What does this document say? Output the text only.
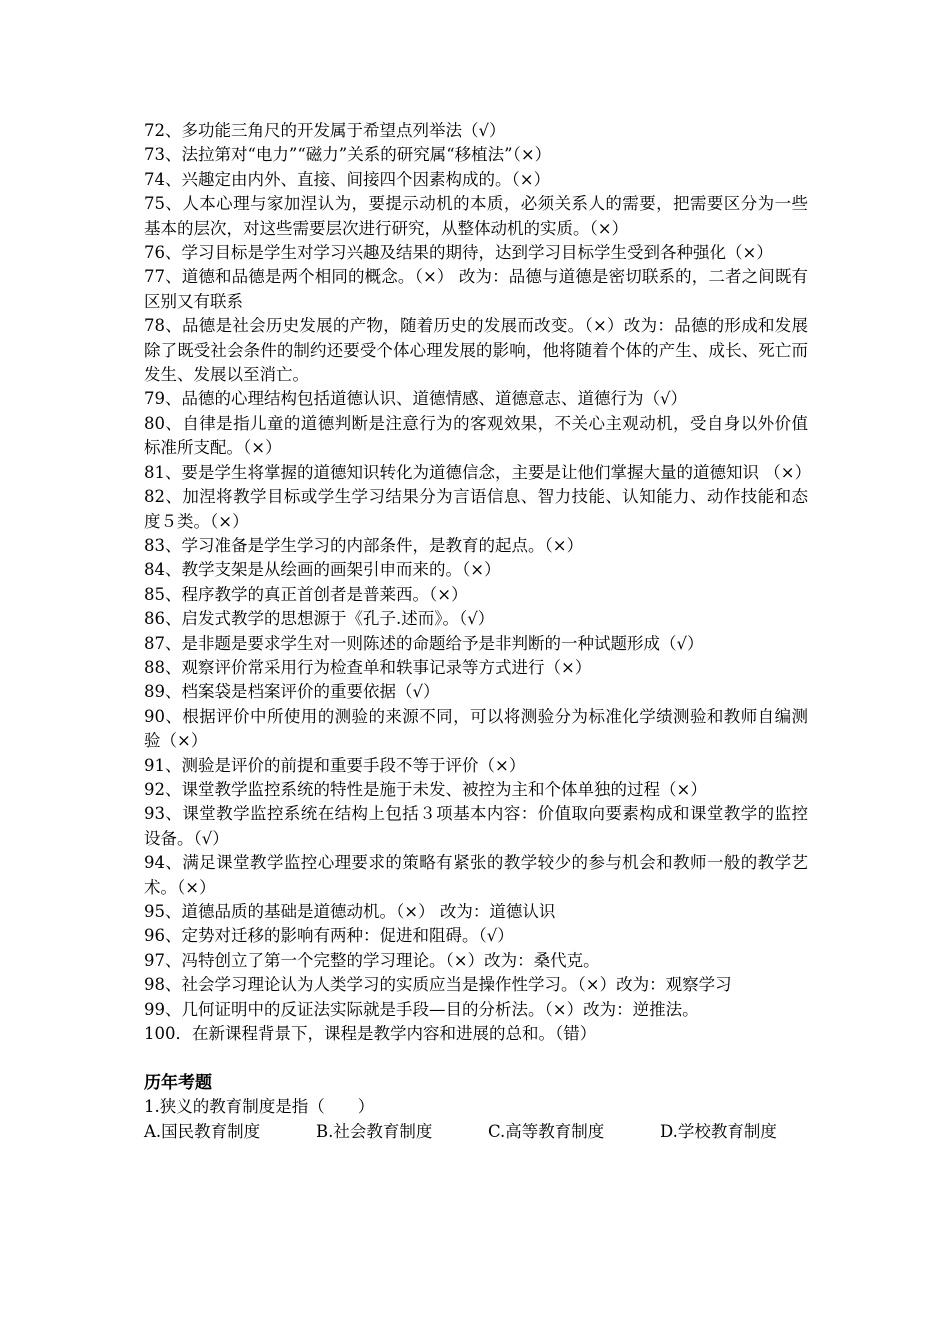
72、多功能三角尺的开发属于希望点列举法（√）

73、法拉第对“电力”“磁力”关系的研究属“移植法”（×）

74、兴趣定由内外、直接、间接四个因素构成的。（×）

75、人本心理与家加涅认为，要提示动机的本质，必须关系人的需要，把需要区分为一些基本的层次，对这些需要层次进行研究，从整体动机的实质。（×）

76、学习目标是学生对学习兴趣及结果的期待，达到学习目标学生受到各种强化（×）

77、道德和品德是两个相同的概念。（×） 改为：品德与道德是密切联系的，二者之间既有区别又有联系

78、品德是社会历史发展的产物，随着历史的发展而改变。（×）改为：品德的形成和发展除了既受社会条件的制约还要受个体心理发展的影响，他将随着个体的产生、成长、死亡而发生、发展以至消亡。

79、品德的心理结构包括道德认识、道德情感、道德意志、道德行为（√）

80、自律是指儿童的道德判断是注意行为的客观效果，不关心主观动机，受自身以外价值标准所支配。（×）

81、要是学生将掌握的道德知识转化为道德信念，主要是让他们掌握大量的道德知识 （×）

82、加涅将教学目标或学生学习结果分为言语信息、智力技能、认知能力、动作技能和态度５类。（×）

83、学习准备是学生学习的内部条件，是教育的起点。（×）

84、教学支架是从绘画的画架引申而来的。（×）

85、程序教学的真正首创者是普莱西。（×）

86、启发式教学的思想源于《孔子.述而》。（√）

87、是非题是要求学生对一则陈述的命题给予是非判断的一种试题形成（√）

88、观察评价常采用行为检查单和轶事记录等方式进行（×）

89、档案袋是档案评价的重要依据（√）

90、根据评价中所使用的测验的来源不同，可以将测验分为标准化学绩测验和教师自编测验（×）

91、测验是评价的前提和重要手段不等于评价（×）

92、课堂教学监控系统的特性是施于未发、被控为主和个体单独的过程（×）

93、课堂教学监控系统在结构上包括３项基本内容：价值取向要素构成和课堂教学的监控设备。（√）

94、满足课堂教学监控心理要求的策略有紧张的教学较少的参与机会和教师一般的教学艺术。（×）

95、道德品质的基础是道德动机。（×） 改为：道德认识

96、定势对迁移的影响有两种：促进和阻碍。（√）

97、冯特创立了第一个完整的学习理论。（×）改为：桑代克。

98、社会学习理论认为人类学习的实质应当是操作性学习。（×）改为：观察学习

99、几何证明中的反证法实际就是手段—目的分析法。（×）改为：逆推法。

100．在新课程背景下，课程是教学内容和进展的总和。（错）

历年考题

1.狭义的教育制度是指（　　）

A.国民教育制度	B.社会教育制度	C.高等教育制度	D.学校教育制度
